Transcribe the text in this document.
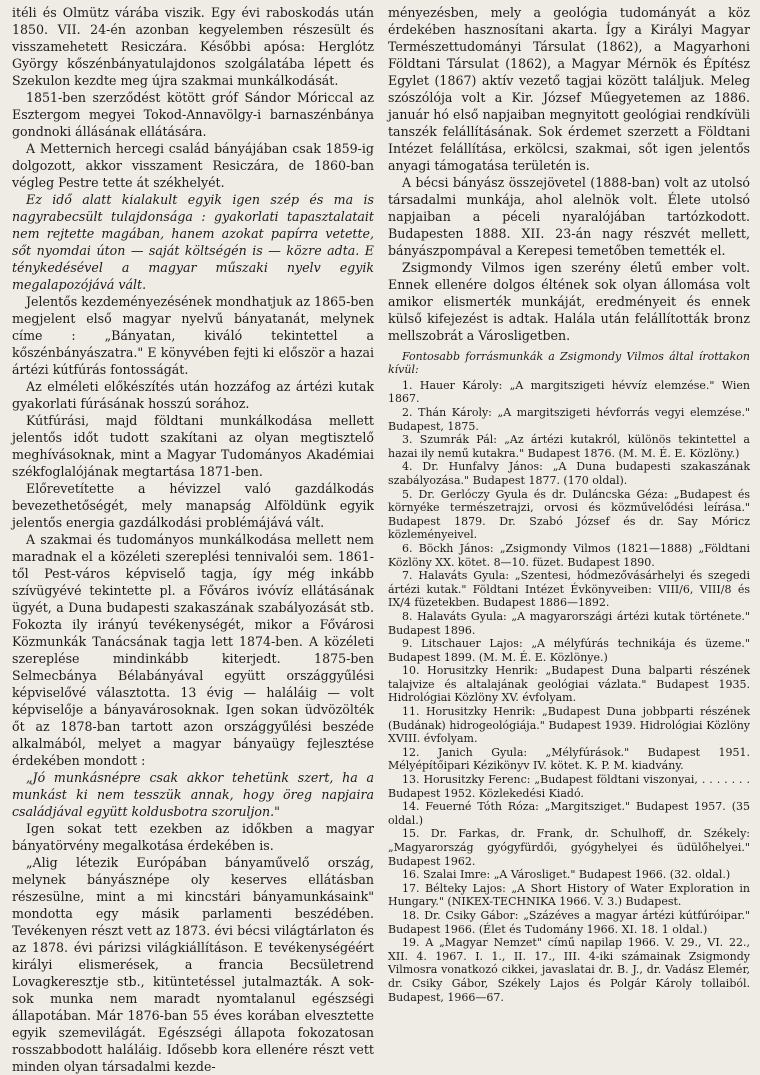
itéli és Olmütz várába viszik. Egy évi raboskodás után 1850. VII. 24-én azonban kegyelemben részesült és visszamehetett Resiczára. Későbbi apósa: Herglótz György kőszénbányatulajdonos szolgálatába lépett és Szekulon kezdte meg újra szakmai munkálkodását.

1851-ben szerződést kötött gróf Sándor Móriccal az Esztergom megyei Tokod-Annavölgy-i barnaszénbánya gondnoki állásának ellátására.

A Metternich hercegi család bányájában csak 1859-ig dolgozott, akkor visszament Resiczára, de 1860-ban végleg Pestre tette át székhelyét.

Ez idő alatt kialakult egyik igen szép és ma is nagyrabecsült tulajdonsága : gyakorlati tapasztalatait nem rejtette magában, hanem azokat papírra vetette, sőt nyomdai úton — saját költségén is — közre adta. E ténykedésével a magyar műszaki nyelv egyik megalapozójává vált.

Jelentős kezdeményezésének mondhatjuk az 1865-ben megjelent első magyar nyelvű bányatanát, melynek címe : „Bányatan, kiváló tekintettel a kőszénbányászatra." E könyvében fejti ki először a hazai ártézi kútfúrás fontosságát.

Az elméleti előkészítés után hozzáfog az ártézi kutak gyakorlati fúrásának hosszú sorához.

Kútfúrási, majd földtani munkálkodása mellett jelentős időt tudott szakítani az olyan megtisztelő meghívásoknak, mint a Magyar Tudományos Akadémiai székfoglalójának megtartása 1871-ben.

Előrevetítette a hévizzel való gazdálkodás bevezethetőségét, mely manapság Alföldünk egyik jelentős energia gazdálkodási problémájává vált.

A szakmai és tudományos munkálkodása mellett nem maradnak el a közéleti szereplési tennivalói sem. 1861-től Pest-város képviselő tagja, így még inkább szívügyévé tekintette pl. a Főváros ivóvíz ellátásának ügyét, a Duna budapesti szakaszának szabályozását stb. Fokozta ily irányú tevékenységét, mikor a Fővárosi Közmunkák Tanácsának tagja lett 1874-ben. A közéleti szereplése mindinkább kiterjedt. 1875-ben Selmecbánya Bélabányával együtt országgyűlési képviselővé választotta. 13 évig — haláláig — volt képviselője a bányavárosoknak. Igen sokan üdvözölték őt az 1878-ban tartott azon országgyűlési beszéde alkalmából, melyet a magyar bányaügy fejlesztése érdekében mondott :

„Jó munkásnépre csak akkor tehetünk szert, ha a munkást ki nem tesszük annak, hogy öreg napjaira családjával együtt koldusbotra szoruljon."

Igen sokat tett ezekben az időkben a magyar bányatörvény megalkotása érdekében is.

„Alig létezik Európában bányaművelő ország, melynek bányásznépe oly keserves ellátásban részesülne, mint a mi kincstári bányamunkásaink" mondotta egy másik parlamenti beszédében. Tevékenyen részt vett az 1873. évi bécsi világtárlaton és az 1878. évi párizsi világkiállításon. E tevékenységéért királyi elismerések, a francia Becsületrend Lovagkeresztje stb., kitüntetéssel jutalmazták. A sok-sok munka nem maradt nyomtalanul egészségi állapotában. Már 1876-ban 55 éves korában elvesztette egyik szemevilágát. Egészségi állapota fokozatosan rosszabbodott haláláig. Idősebb kora ellenére részt vett minden olyan társadalmi kezde-

ményezésben, mely a geológia tudományát a köz érdekében hasznosítani akarta. Így a Királyi Magyar Természettudományi Társulat (1862), a Magyarhoni Földtani Társulat (1862), a Magyar Mérnök és Építész Egylet (1867) aktív vezető tagjai között találjuk. Meleg szószólója volt a Kir. József Műegyetemen az 1886. január hó első napjaiban megnyitott geológiai rendkívüli tanszék felállításának. Sok érdemet szerzett a Földtani Intézet felállítása, erkölcsi, szakmai, sőt igen jelentős anyagi támogatása területén is.

A bécsi bányász összejövetel (1888-ban) volt az utolsó társadalmi munkája, ahol alelnök volt. Élete utolsó napjaiban a péceli nyaralójában tartózkodott. Budapesten 1888. XII. 23-án nagy részvét mellett, bányászpompával a Kerepesi temetőben temették el.

Zsigmondy Vilmos igen szerény életű ember volt. Ennek ellenére dolgos éltének sok olyan állomása volt amikor elismerték munkáját, eredményeit és ennek külső kifejezést is adtak. Halála után felállították bronz mellszobrát a Városligetben.

Fontosabb forrásmunkák a Zsigmondy Vilmos által írottakon kívül:

1. Hauer Károly: „A margitszigeti hévvíz elemzése." Wien 1867.
2. Thán Károly: „A margitszigeti hévforrás vegyi elemzése." Budapest, 1875.
3. Szumrák Pál: „Az ártézi kutakról, különös tekintettel a hazai ily nemű kutakra." Budapest 1876. (M. M. É. E. Közlöny.)
4. Dr. Hunfalvy János: „A Duna budapesti szakaszának szabályozása." Budapest 1877. (170 oldal).
5. Dr. Gerlóczy Gyula és dr. Duláncska Géza: „Budapest és környéke természetrajzi, orvosi és közművelődési leírása." Budapest 1879. Dr. Szabó József és dr. Say Móricz közleményeivel.
6. Böckh János: „Zsigmondy Vilmos (1821—1888) „Földtani Közlöny XX. kötet. 8—10. füzet. Budapest 1890.
7. Halaváts Gyula: „Szentesi, hódmezővásárhelyi és szegedi ártézi kutak." Földtani Intézet Évkönyveiben: VIII/6, VIII/8 és IX/4 füzetekben. Budapest 1886—1892.
8. Halaváts Gyula: „A magyarországi ártézi kutak története." Budapest 1896.
9. Litschauer Lajos: „A mélyfúrás technikája és üzeme." Budapest 1899. (M. M. É. E. Közlönye.)
10. Horusitzky Henrik: „Budapest Duna balparti részének talajvize és altalajának geológiai vázlata." Budapest 1935. Hidrológiai Közlöny XV. évfolyam.
11. Horusitzky Henrik: „Budapest Duna jobbparti részének (Budának) hidrogeológiája." Budapest 1939. Hidrológiai Közlöny XVIII. évfolyam.
12. Janich Gyula: „Mélyfúrások." Budapest 1951. Mélyépítőipari Kézikönyv IV. kötet. K. P. M. kiadvány.
13. Horusitzky Ferenc: „Budapest földtani viszonyai, . . . . . . . Budapest 1952. Közlekedési Kiadó.
14. Feuerné Tóth Róza: „Margitsziget." Budapest 1957. (35 oldal.)
15. Dr. Farkas, dr. Frank, dr. Schulhoff, dr. Székely: „Magyarország gyógyfürdői, gyógyhelyei és üdülőhelyei." Budapest 1962.
16. Szalai Imre: „A Városliget." Budapest 1966. (32. oldal.)
17. Bélteky Lajos: „A Short History of Water Exploration in Hungary." (NIKEX-TECHNIKA 1966. V. 3.) Budapest.
18. Dr. Csiky Gábor: „Százéves a magyar ártézi kútfúróipar." Budapest 1966. (Élet és Tudomány 1966. XI. 18. 1 oldal.)
19. A „Magyar Nemzet" című napilap 1966. V. 29., VI. 22., XII. 4. 1967. I. 1., II. 17., III. 4-iki számainak Zsigmondy Vilmosra vonatkozó cikkei, javaslatai dr. B. J., dr. Vadász Elemér, dr. Csiky Gábor, Székely Lajos és Polgár Károly tollaiból. Budapest, 1966—67.
